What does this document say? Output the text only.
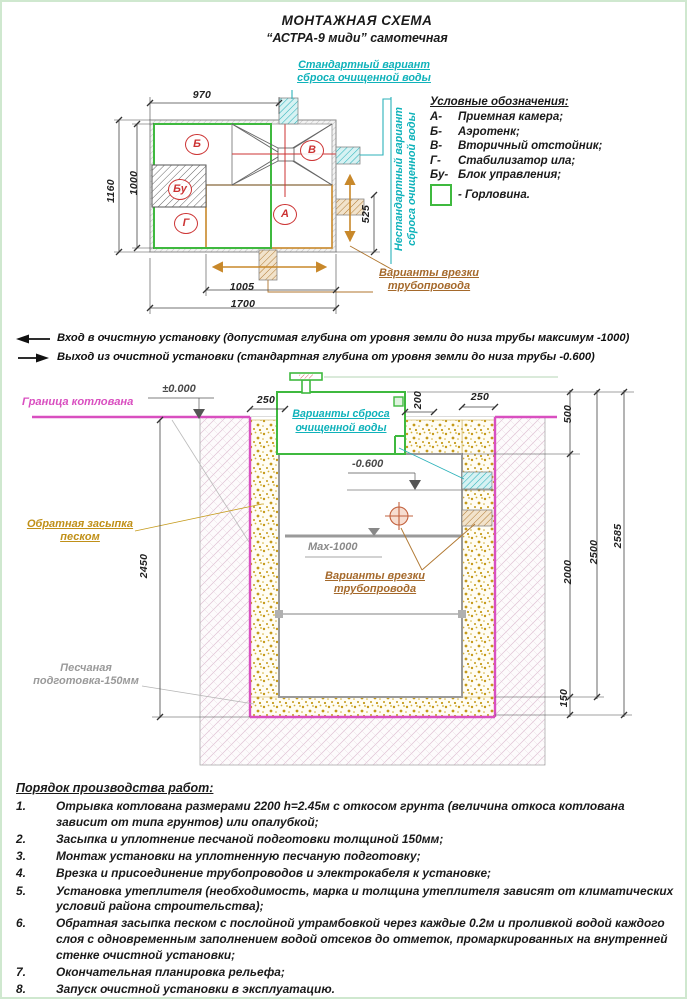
МОНТАЖНАЯ СХЕМА
“АСТРА-9 миди” самотечная
Стандартный вариант
сброса очищенной воды
Нестандартный вариант сброса очищенной воды
Условные обозначения:
А-	Приемная камера;
Б-	Аэротенк;
В-	Вторичный отстойник;
Г-	Стабилизатор ила;
Бу- Блок управления;
- Горловина.
Б
Бу
Г
А
В
970
1000
1160
525
1005
1700
Варианты врезки
трубопровода
Вход в очистную установку (допустимая глубина от уровня земли до низа трубы максимум -1000)
Выход из очистной установки (стандартная глубина от уровня земли до низа трубы -0.600)
Граница котлована
±0.000
250	250
200
Варианты сброса
очищенной воды
-0.600
Max-1000
Варианты врезки
трубопровода
Обратная засыпка
песком
Песчаная
подготовка-150мм
500
2000
2500
2585
150
2450
Порядок производства работ:
1.	Отрывка котлована размерами 2200 h=2.45м с откосом грунта (величина откоса котлована зависит от типа грунтов) или опалубкой;
2.	Засыпка и уплотнение песчаной подготовки толщиной 150мм;
3.	Монтаж установки на уплотненную песчаную подготовку;
4.	Врезка и присоединение трубопроводов и электрокабеля к установке;
5.	Установка утеплителя (необходимость, марка и толщина утеплителя зависят от климатических условий района строительства);
6.	Обратная засыпка песком с послойной утрамбовкой через каждые 0.2м и проливкой водой каждого слоя с одновременным заполнением водой отсеков до отметок, промаркированных на внутренней стенке очистной установки;
7.	Окончательная планировка рельефа;
8.	Запуск очистной установки в эксплуатацию.
